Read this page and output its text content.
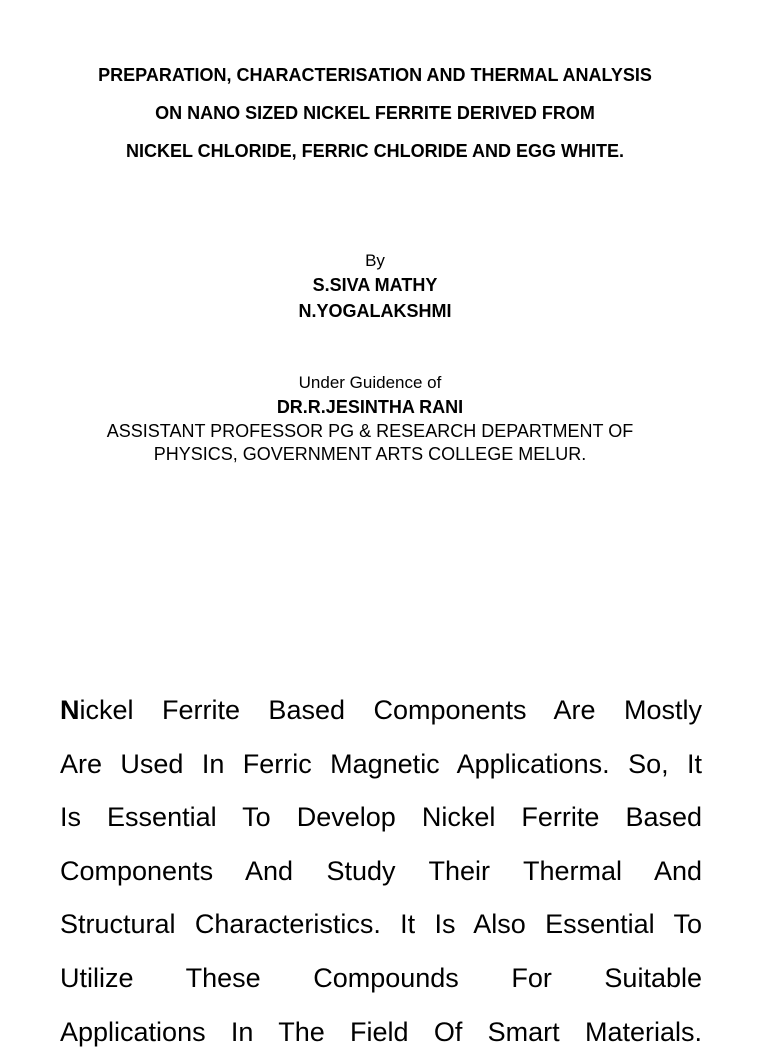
PREPARATION, CHARACTERISATION AND THERMAL ANALYSIS
ON NANO SIZED NICKEL FERRITE DERIVED FROM
NICKEL CHLORIDE, FERRIC CHLORIDE AND EGG WHITE.
By
S.SIVA MATHY
N.YOGALAKSHMI
Under Guidence of
DR.R.JESINTHA RANI
ASSISTANT PROFESSOR PG & RESEARCH DEPARTMENT OF
PHYSICS, GOVERNMENT ARTS COLLEGE MELUR.
Nickel Ferrite Based Components Are Mostly
Are Used In Ferric Magnetic Applications. So, It
Is Essential To Develop Nickel Ferrite Based
Components And Study Their Thermal And
Structural Characteristics. It Is Also Essential To
Utilize These Compounds For Suitable
Applications In The Field Of Smart Materials.
